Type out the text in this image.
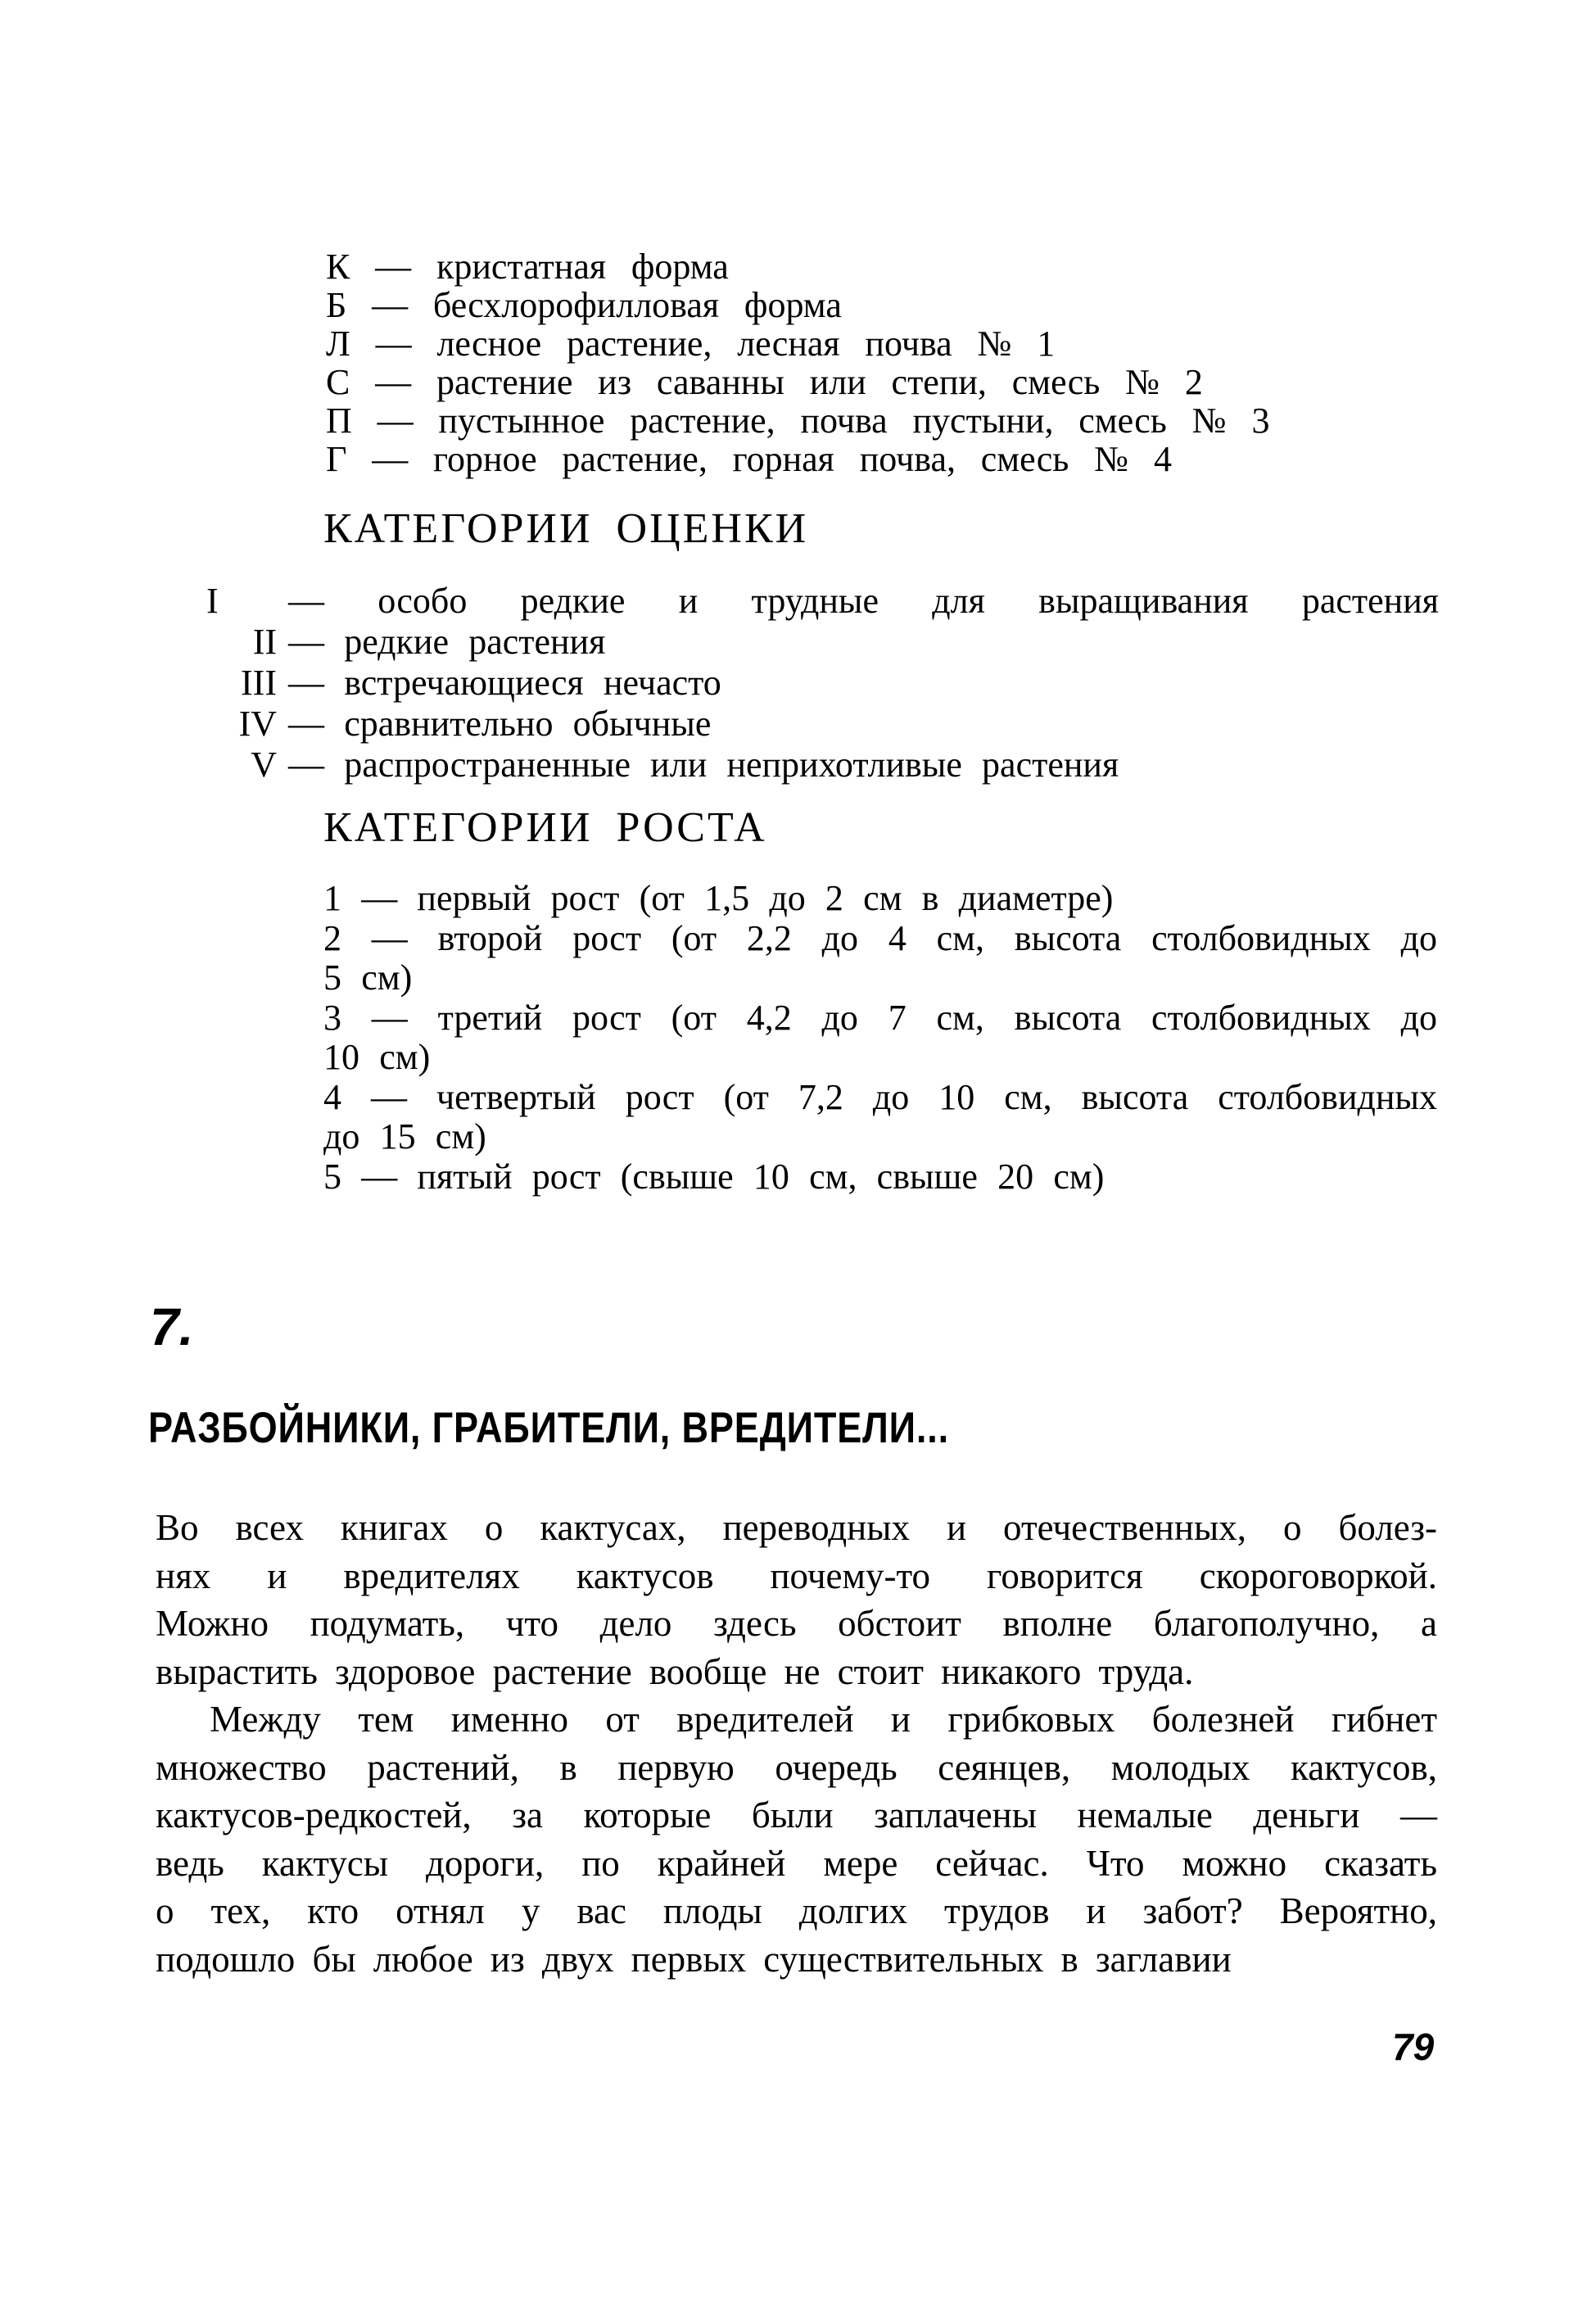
К — кристатная форма
Б — бесхлорофилловая форма
Л — лесное растение, лесная почва № 1
С — растение из саванны или степи, смесь № 2
П — пустынное растение, почва пустыни, смесь № 3
Г — горное растение, горная почва, смесь № 4
КАТЕГОРИИ ОЦЕНКИ
I — особо редкие и трудные для выращивания растения
II — редкие растения
III — встречающиеся нечасто
IV — сравнительно обычные
V — распространенные или неприхотливые растения
КАТЕГОРИИ РОСТА
1 — первый рост (от 1,5 до 2 см в диаметре)
2 — второй рост (от 2,2 до 4 см, высота столбовидных до
5 см)
3 — третий рост (от 4,2 до 7 см, высота столбовидных до
10 см)
4 — четвертый рост (от 7,2 до 10 см, высота столбовидных
до 15 см)
5 — пятый рост (свыше 10 см, свыше 20 см)
7.
РАЗБОЙНИКИ, ГРАБИТЕЛИ, ВРЕДИТЕЛИ...
Во всех книгах о кактусах, переводных и отечественных, о болез-
нях и вредителях кактусов почему-то говорится скороговоркой.
Можно подумать, что дело здесь обстоит вполне благополучно, а
вырастить здоровое растение вообще не стоит никакого труда.
Между тем именно от вредителей и грибковых болезней гибнет
множество растений, в первую очередь сеянцев, молодых кактусов,
кактусов-редкостей, за которые были заплачены немалые деньги —
ведь кактусы дороги, по крайней мере сейчас. Что можно сказать
о тех, кто отнял у вас плоды долгих трудов и забот? Вероятно,
подошло бы любое из двух первых существительных в заглавии
79
